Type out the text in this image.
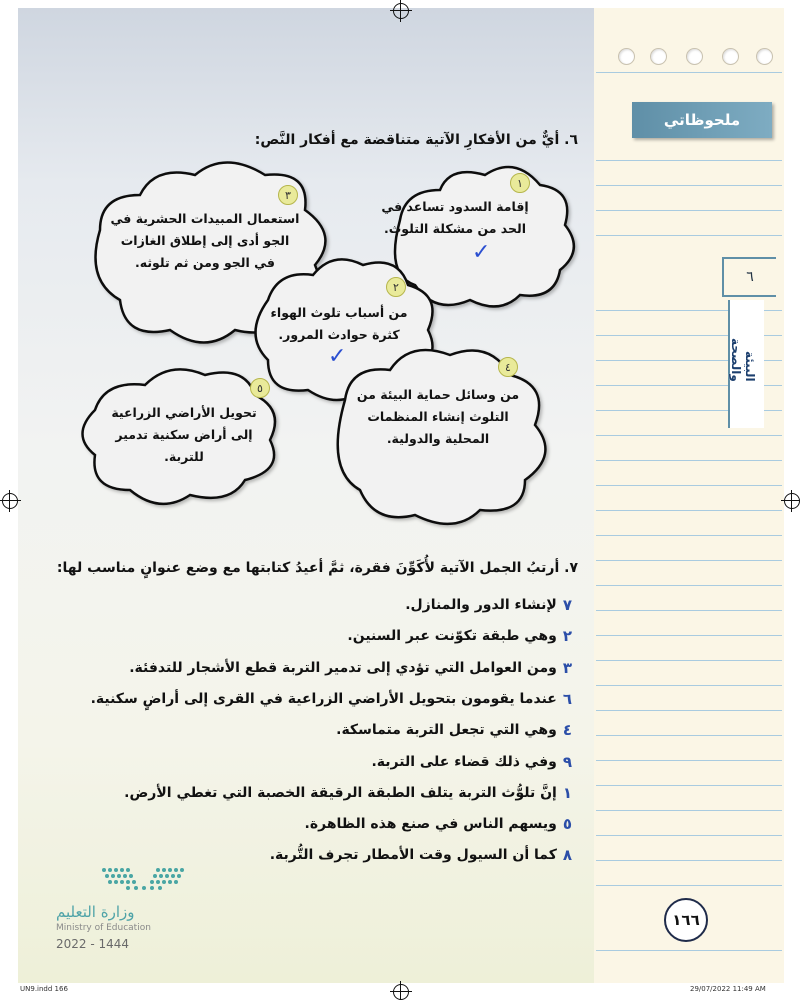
ملحوظاتي
٦
البيئة والصحة
٦. أيٌّ من الأفكارِ الآتية متناقضة مع أفكار النَّص:
١
إقامة السدود تساعد في الحد من مشكلة التلوث.
✓
٣
استعمال المبيدات الحشرية في الجو أدى إلى إطلاق الغازات في الجو ومن ثم تلوثه.
٢
من أسباب تلوث الهواء كثرة حوادث المرور.
✓	٤
من وسائل حماية البيئة من التلوث إنشاء المنظمات المحلية والدولية.
٥
تحويل الأراضي الزراعية إلى أراض سكنية تدمير للتربة.
٧. أرتبُ الجمل الآتية لأُكَوِّنَ فقرة، ثمَّ أعيدُ كتابتها مع وضع عنوانٍ مناسب لها:
٧
لإنشاء الدور والمنازل.
٢
وهي طبقة تكوّنت عبر السنين.
٣
ومن العوامل التي تؤدي إلى تدمير التربة قطع الأشجار للتدفئة.
٦
عندما يقومون بتحويل الأراضي الزراعية في القرى إلى أراضٍ سكنية.
٤
وهي التي تجعل التربة متماسكة.
٩
وفي ذلك قضاء على التربة.
١
إنَّ تلوُّث التربة يتلف الطبقة الرقيقة الخصبة التي تغطي الأرض.
٥
ويسهم الناس في صنع هذه الظاهرة.
٨
كما أن السيول وقت الأمطار تجرف التُّربة.
وزارة التعليم
Ministry of Education
2022 - 1444
١٦٦
UN9.indd 166	29/07/2022 11:49 AM
